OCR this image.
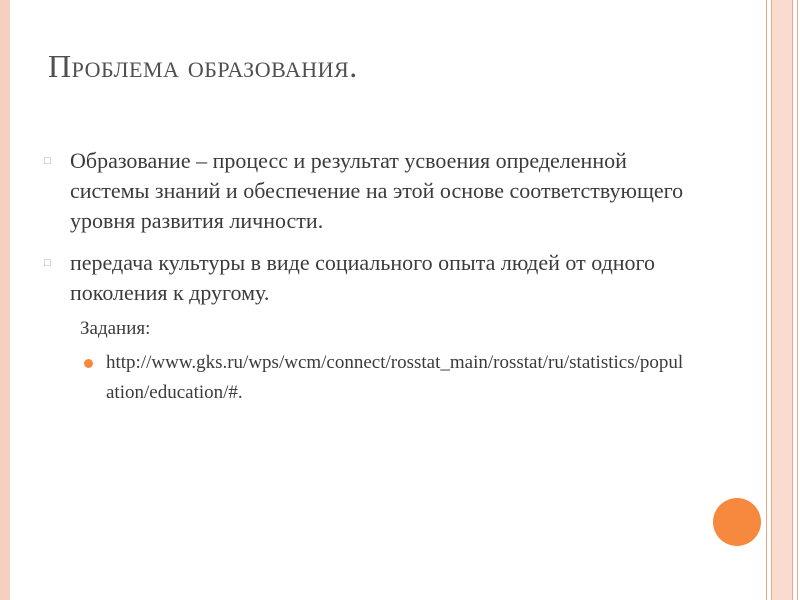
Проблема образования.
□ Образование – процесс и результат усвоения определенной системы знаний и обеспечение на этой основе соответствующего уровня развития личности.
□ передача культуры в виде социального опыта людей от одного поколения к другому.
Задания:
http://www.gks.ru/wps/wcm/connect/rosstat_main/rosstat/ru/statistics/population/education/#.
